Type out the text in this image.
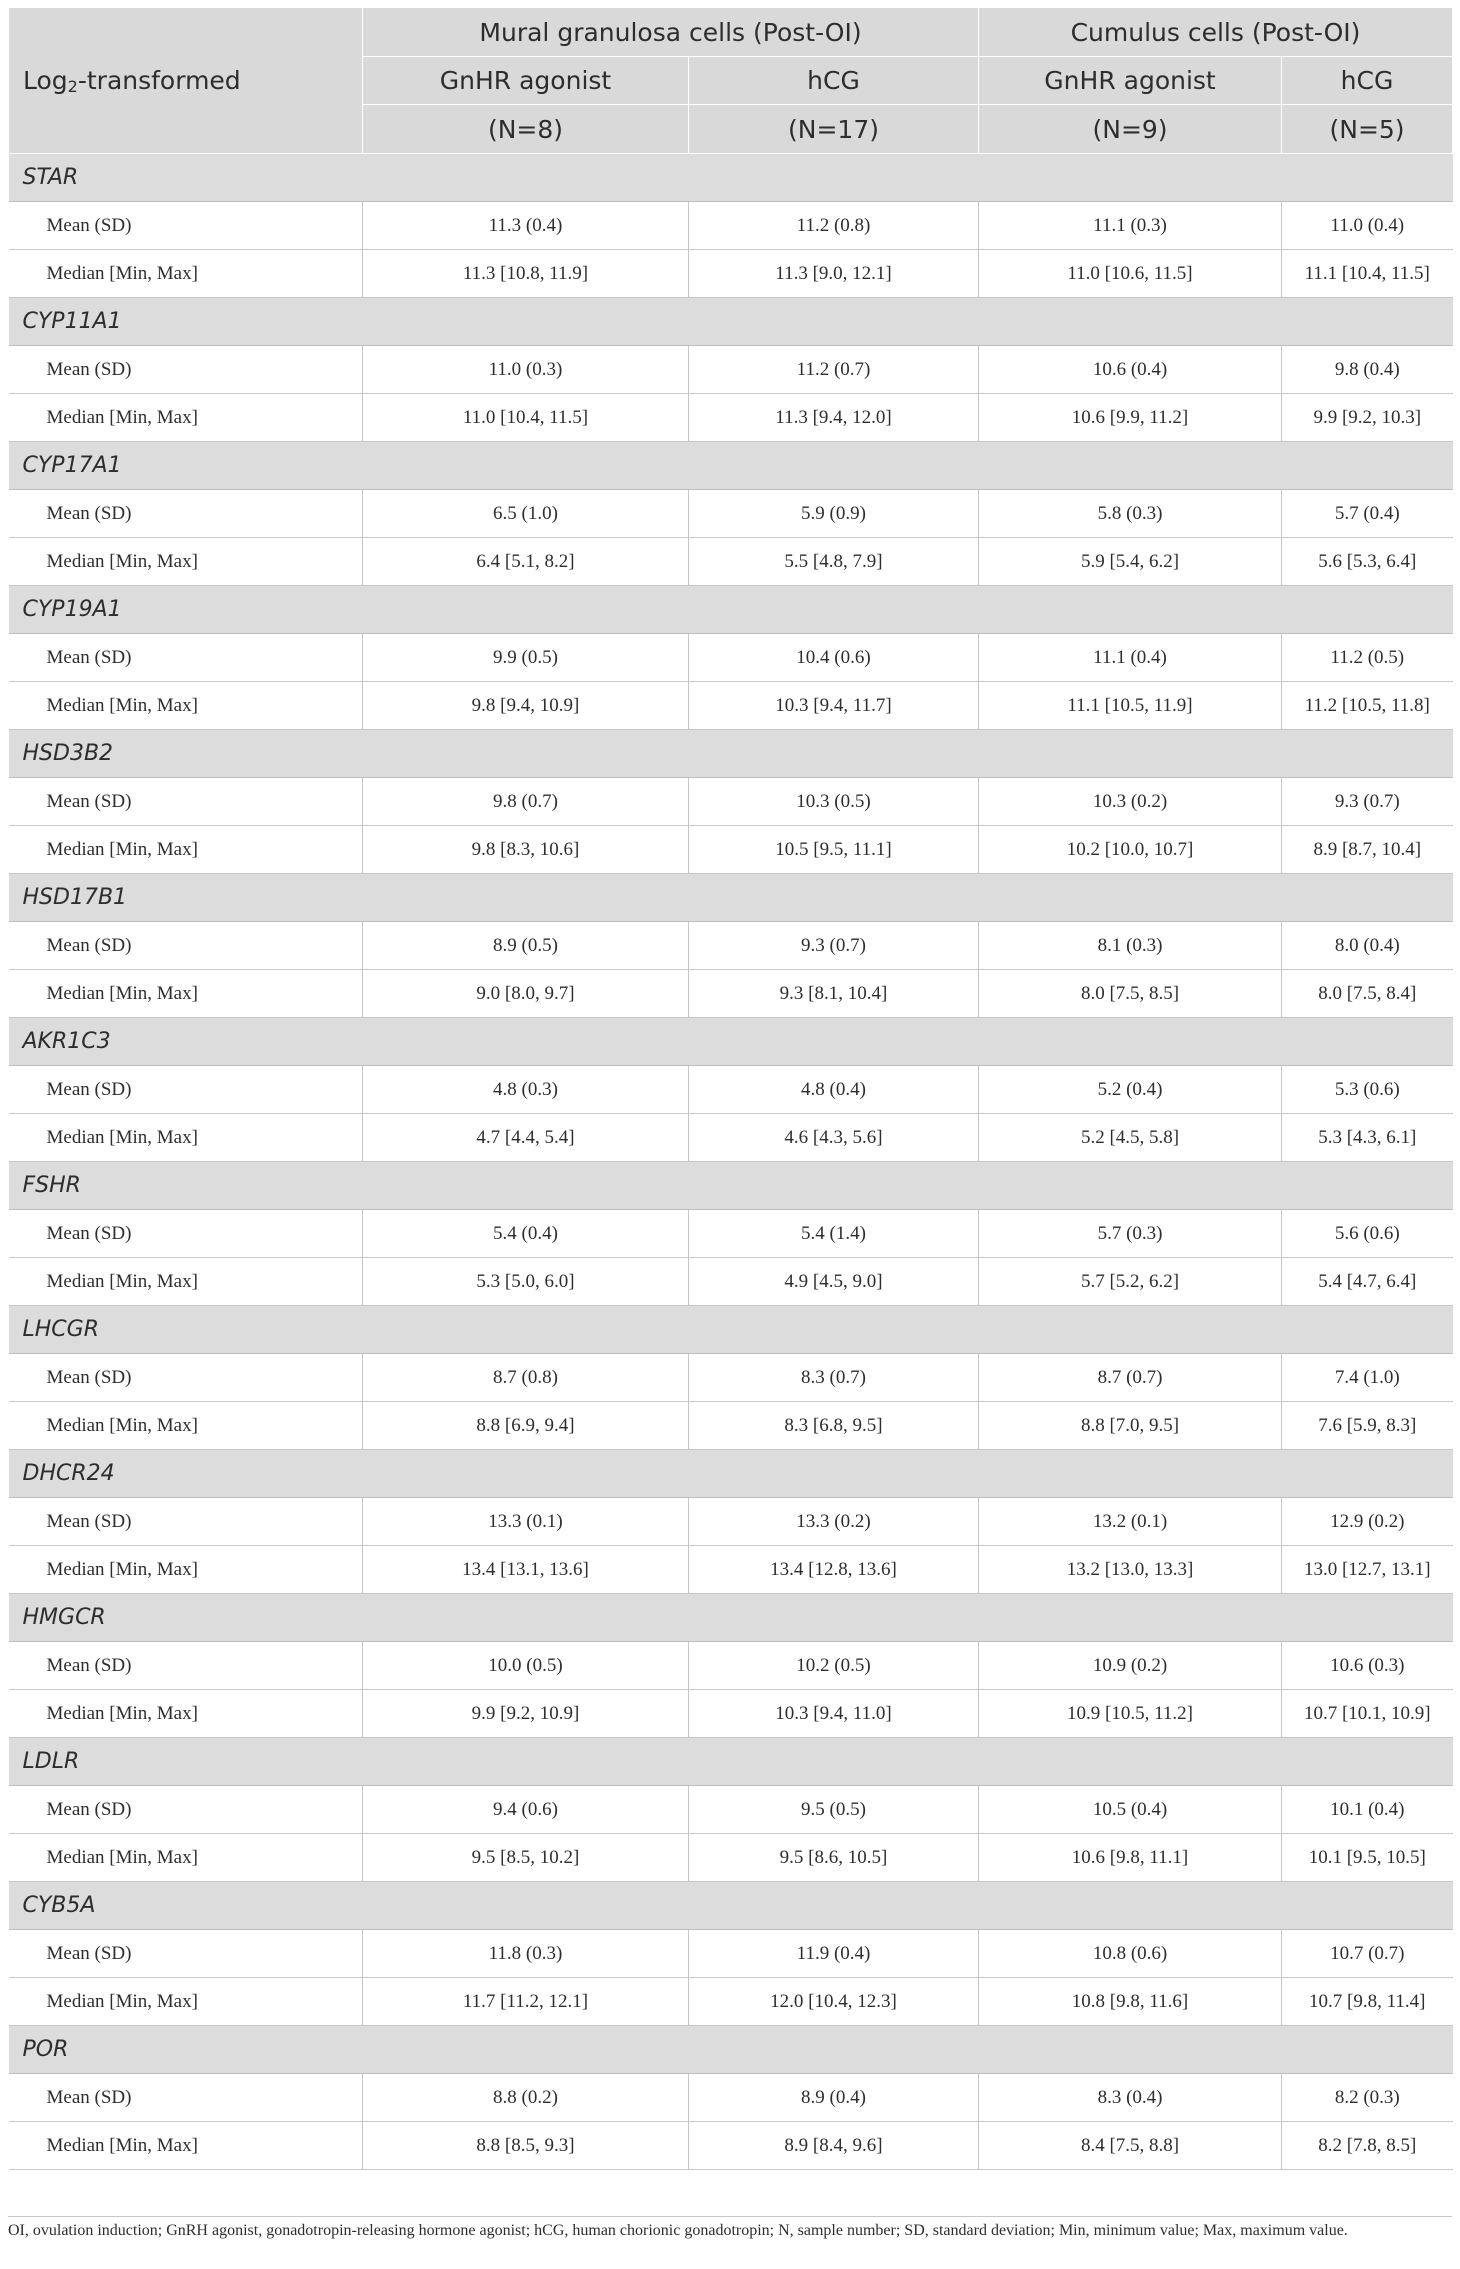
Log$_2$-transformed	Mural granulosa cells (Post-OI)		Cumulus cells (Post-OI)	
	GnHR agonist	hCG	GnHR agonist	hCG
	(N=8)	(N=17)	(N=9)	(N=5)
STAR				
Mean (SD)	11.3 (0.4)	11.2 (0.8)	11.1 (0.3)	11.0 (0.4)
Median [Min, Max]	11.3 [10.8, 11.9]	11.3 [9.0, 12.1]	11.0 [10.6, 11.5]	11.1 [10.4, 11.5]
CYP11A1				
Mean (SD)	11.0 (0.3)	11.2 (0.7)	10.6 (0.4)	9.8 (0.4)
Median [Min, Max]	11.0 [10.4, 11.5]	11.3 [9.4, 12.0]	10.6 [9.9, 11.2]	9.9 [9.2, 10.3]
CYP17A1				
Mean (SD)	6.5 (1.0)	5.9 (0.9)	5.8 (0.3)	5.7 (0.4)
Median [Min, Max]	6.4 [5.1, 8.2]	5.5 [4.8, 7.9]	5.9 [5.4, 6.2]	5.6 [5.3, 6.4]
CYP19A1				
Mean (SD)	9.9 (0.5)	10.4 (0.6)	11.1 (0.4)	11.2 (0.5)
Median [Min, Max]	9.8 [9.4, 10.9]	10.3 [9.4, 11.7]	11.1 [10.5, 11.9]	11.2 [10.5, 11.8]
HSD3B2				
Mean (SD)	9.8 (0.7)	10.3 (0.5)	10.3 (0.2)	9.3 (0.7)
Median [Min, Max]	9.8 [8.3, 10.6]	10.5 [9.5, 11.1]	10.2 [10.0, 10.7]	8.9 [8.7, 10.4]
HSD17B1				
Mean (SD)	8.9 (0.5)	9.3 (0.7)	8.1 (0.3)	8.0 (0.4)
Median [Min, Max]	9.0 [8.0, 9.7]	9.3 [8.1, 10.4]	8.0 [7.5, 8.5]	8.0 [7.5, 8.4]
AKR1C3				
Mean (SD)	4.8 (0.3)	4.8 (0.4)	5.2 (0.4)	5.3 (0.6)
Median [Min, Max]	4.7 [4.4, 5.4]	4.6 [4.3, 5.6]	5.2 [4.5, 5.8]	5.3 [4.3, 6.1]
FSHR				
Mean (SD)	5.4 (0.4)	5.4 (1.4)	5.7 (0.3)	5.6 (0.6)
Median [Min, Max]	5.3 [5.0, 6.0]	4.9 [4.5, 9.0]	5.7 [5.2, 6.2]	5.4 [4.7, 6.4]
LHCGR				
Mean (SD)	8.7 (0.8)	8.3 (0.7)	8.7 (0.7)	7.4 (1.0)
Median [Min, Max]	8.8 [6.9, 9.4]	8.3 [6.8, 9.5]	8.8 [7.0, 9.5]	7.6 [5.9, 8.3]
DHCR24				
Mean (SD)	13.3 (0.1)	13.3 (0.2)	13.2 (0.1)	12.9 (0.2)
Median [Min, Max]	13.4 [13.1, 13.6]	13.4 [12.8, 13.6]	13.2 [13.0, 13.3]	13.0 [12.7, 13.1]
HMGCR				
Mean (SD)	10.0 (0.5)	10.2 (0.5)	10.9 (0.2)	10.6 (0.3)
Median [Min, Max]	9.9 [9.2, 10.9]	10.3 [9.4, 11.0]	10.9 [10.5, 11.2]	10.7 [10.1, 10.9]
LDLR				
Mean (SD)	9.4 (0.6)	9.5 (0.5)	10.5 (0.4)	10.1 (0.4)
Median [Min, Max]	9.5 [8.5, 10.2]	9.5 [8.6, 10.5]	10.6 [9.8, 11.1]	10.1 [9.5, 10.5]
CYB5A				
Mean (SD)	11.8 (0.3)	11.9 (0.4)	10.8 (0.6)	10.7 (0.7)
Median [Min, Max]	11.7 [11.2, 12.1]	12.0 [10.4, 12.3]	10.8 [9.8, 11.6]	10.7 [9.8, 11.4]
POR				
Mean (SD)	8.8 (0.2)	8.9 (0.4)	8.3 (0.4)	8.2 (0.3)
Median [Min, Max]	8.8 [8.5, 9.3]	8.9 [8.4, 9.6]	8.4 [7.5, 8.8]	8.2 [7.8, 8.5]
OI, ovulation induction; GnRH agonist, gonadotropin-releasing hormone agonist; hCG, human chorionic gonadotropin; N, sample number; SD, standard deviation; Min, minimum value; Max, maximum value.
